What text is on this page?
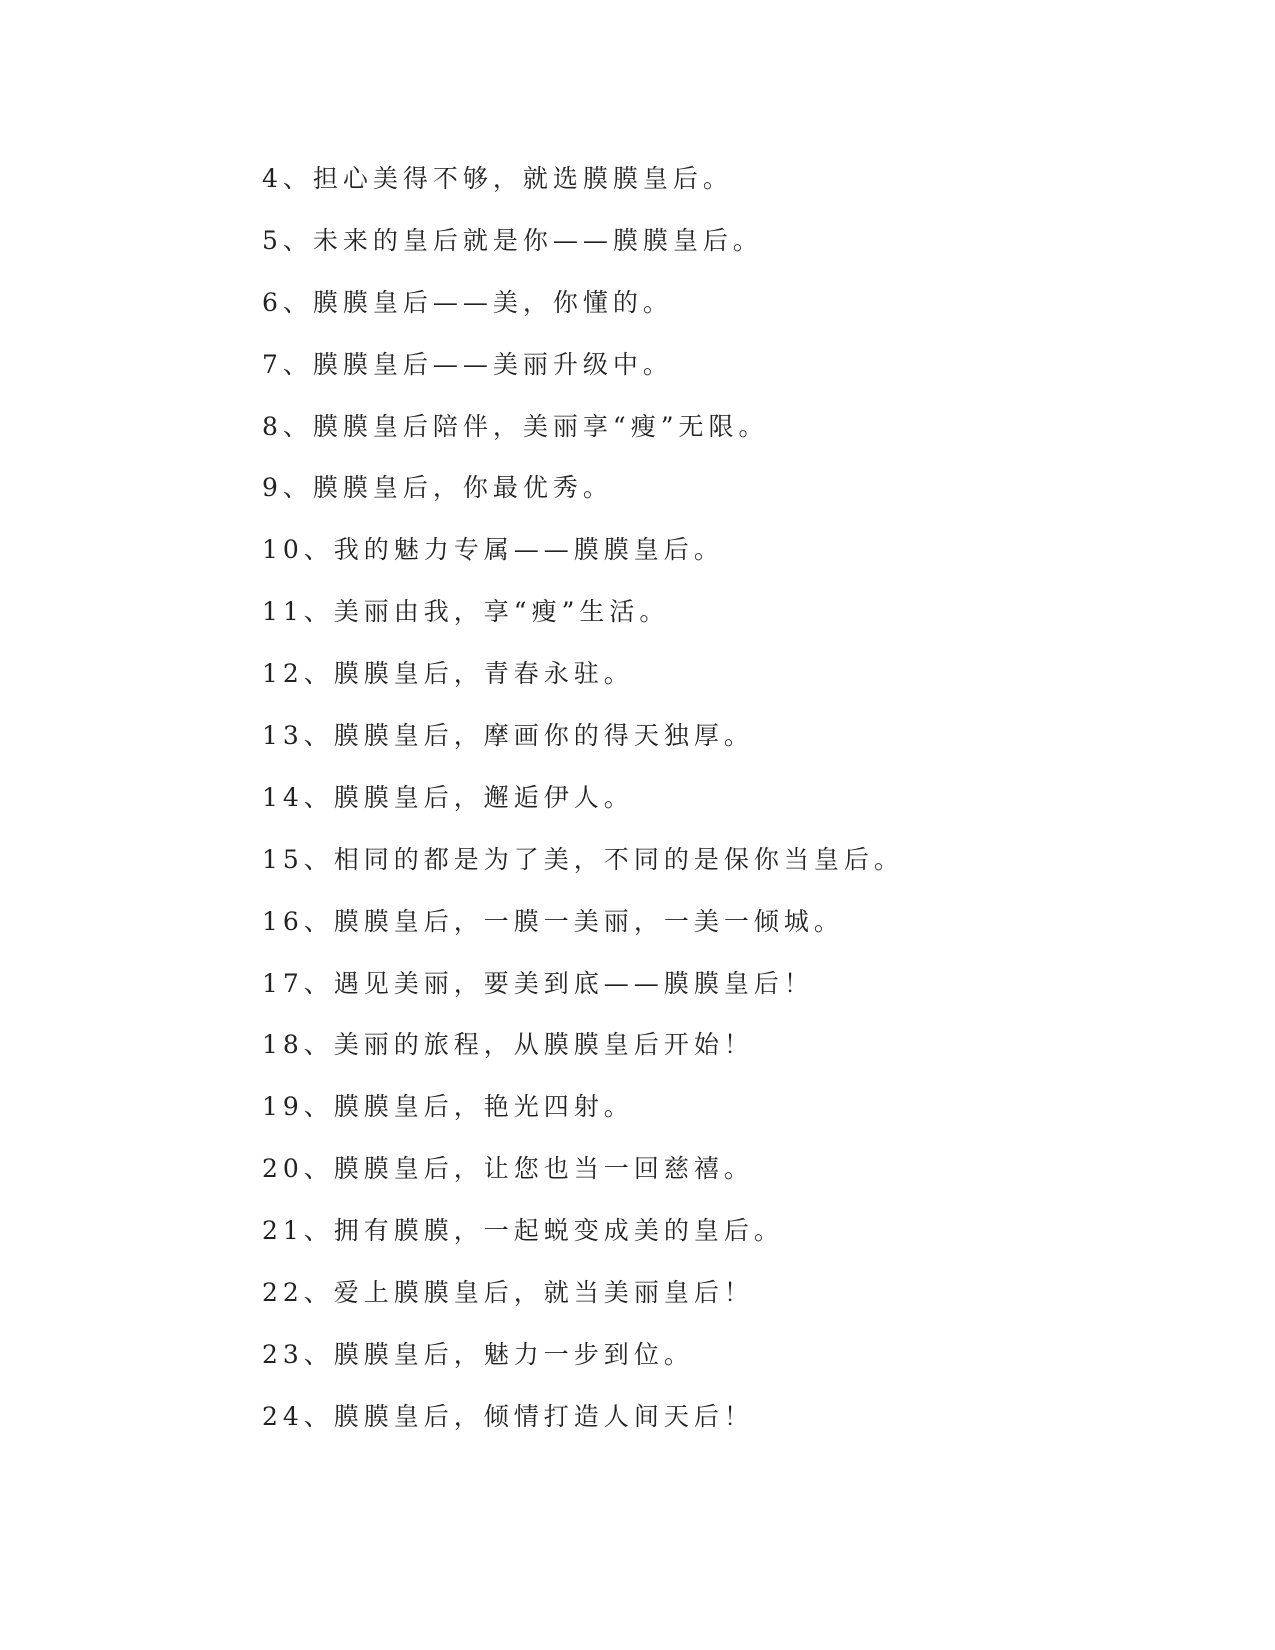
4、担心美得不够，就选膜膜皇后。
5、未来的皇后就是你——膜膜皇后。
6、膜膜皇后——美，你懂的。
7、膜膜皇后——美丽升级中。
8、膜膜皇后陪伴，美丽享“瘦”无限。
9、膜膜皇后，你最优秀。
10、我的魅力专属——膜膜皇后。
11、美丽由我，享“瘦”生活。
12、膜膜皇后，青春永驻。
13、膜膜皇后，摩画你的得天独厚。
14、膜膜皇后，邂逅伊人。
15、相同的都是为了美，不同的是保你当皇后。
16、膜膜皇后，一膜一美丽，一美一倾城。
17、遇见美丽，要美到底——膜膜皇后！
18、美丽的旅程，从膜膜皇后开始！
19、膜膜皇后，艳光四射。
20、膜膜皇后，让您也当一回慈禧。
21、拥有膜膜，一起蜕变成美的皇后。
22、爱上膜膜皇后，就当美丽皇后！
23、膜膜皇后，魅力一步到位。
24、膜膜皇后，倾情打造人间天后！
